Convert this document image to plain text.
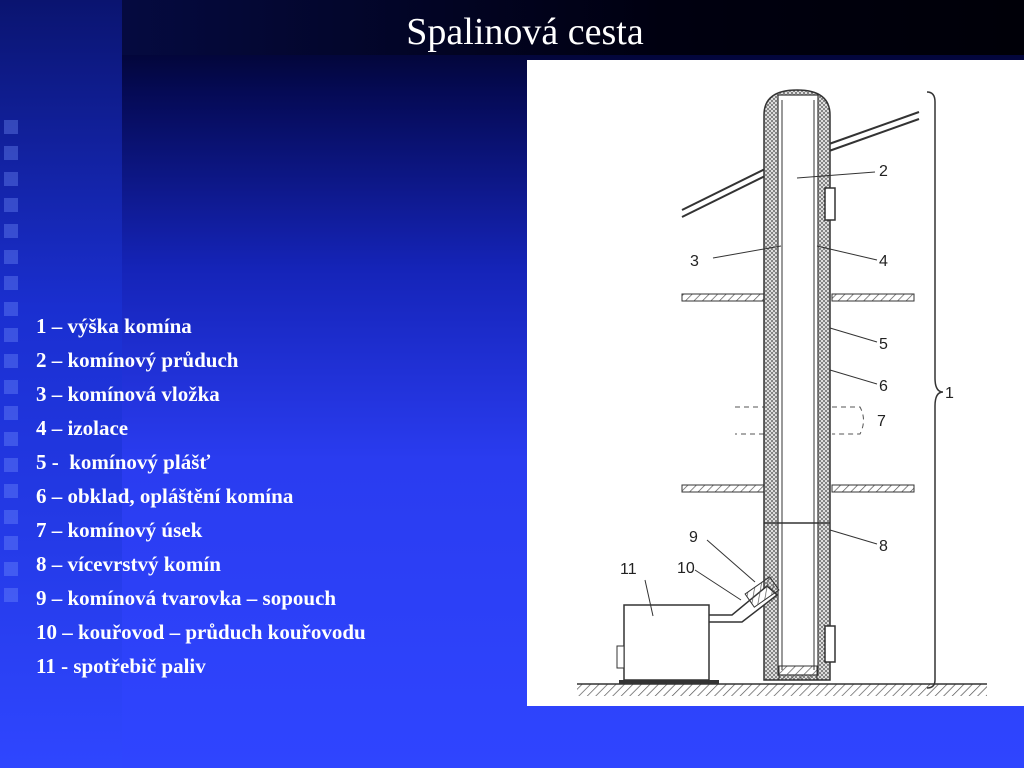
Spalinová cesta
1 – výška komína
2 – komínový průduch
3 – komínová vložka
4 – izolace
5 -  komínový plášť
6 – obklad, opláštění komína
7 – komínový úsek
8 – vícevrstvý komín
9 – komínová tvarovka – sopouch
10 – kouřovod – průduch kouřovodu
11 - spotřebič paliv
2
3	4
5
6	1
7
8
9
10
11
